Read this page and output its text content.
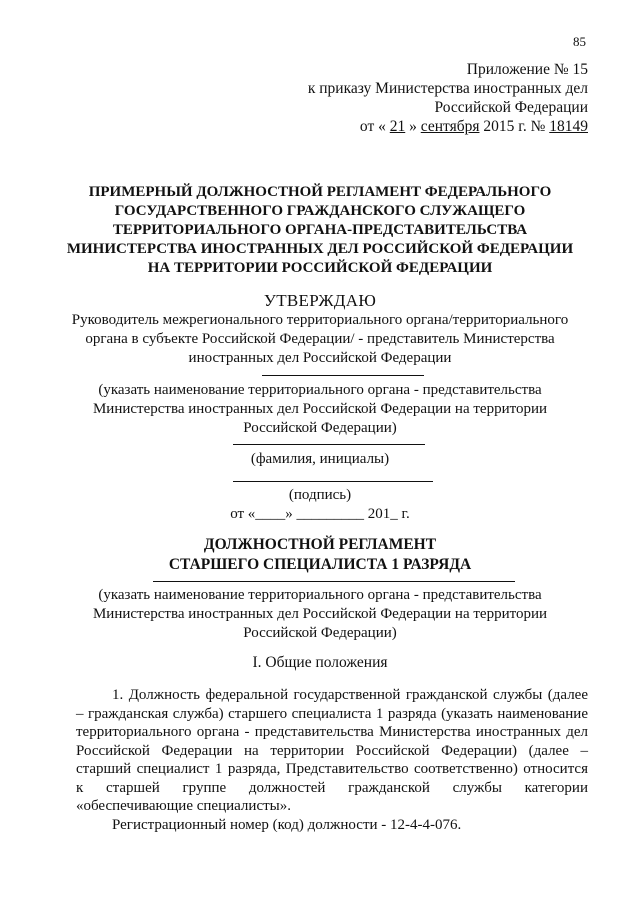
85
Приложение № 15
к приказу Министерства иностранных дел
Российской Федерации
от « 21 » сентября 2015 г. № 18149
ПРИМЕРНЫЙ ДОЛЖНОСТНОЙ РЕГЛАМЕНТ ФЕДЕРАЛЬНОГО
ГОСУДАРСТВЕННОГО ГРАЖДАНСКОГО СЛУЖАЩЕГО
ТЕРРИТОРИАЛЬНОГО ОРГАНА-ПРЕДСТАВИТЕЛЬСТВА
МИНИСТЕРСТВА ИНОСТРАННЫХ ДЕЛ РОССИЙСКОЙ ФЕДЕРАЦИИ
НА ТЕРРИТОРИИ РОССИЙСКОЙ ФЕДЕРАЦИИ
УТВЕРЖДАЮ
Руководитель межрегионального территориального органа/территориального
органа в субъекте Российской Федерации/ - представитель Министерства
иностранных дел Российской Федерации
(указать наименование территориального органа - представительства
Министерства иностранных дел Российской Федерации на территории
Российской Федерации)
(фамилия, инициалы)
(подпись)
от «____» _________ 201_ г.
ДОЛЖНОСТНОЙ РЕГЛАМЕНТ
СТАРШЕГО СПЕЦИАЛИСТА 1 РАЗРЯДА
(указать наименование территориального органа - представительства
Министерства иностранных дел Российской Федерации на территории
Российской Федерации)
I. Общие положения

1. Должность федеральной государственной гражданской службы (далее – гражданская служба) старшего специалиста 1 разряда (указать наименование территориального органа - представительства Министерства иностранных дел Российской Федерации на территории Российской Федерации) (далее – старший специалист 1 разряда, Представительство соответственно) относится к старшей группе должностей гражданской службы категории «обеспечивающие специалисты».

Регистрационный номер (код) должности - 12-4-4-076.
